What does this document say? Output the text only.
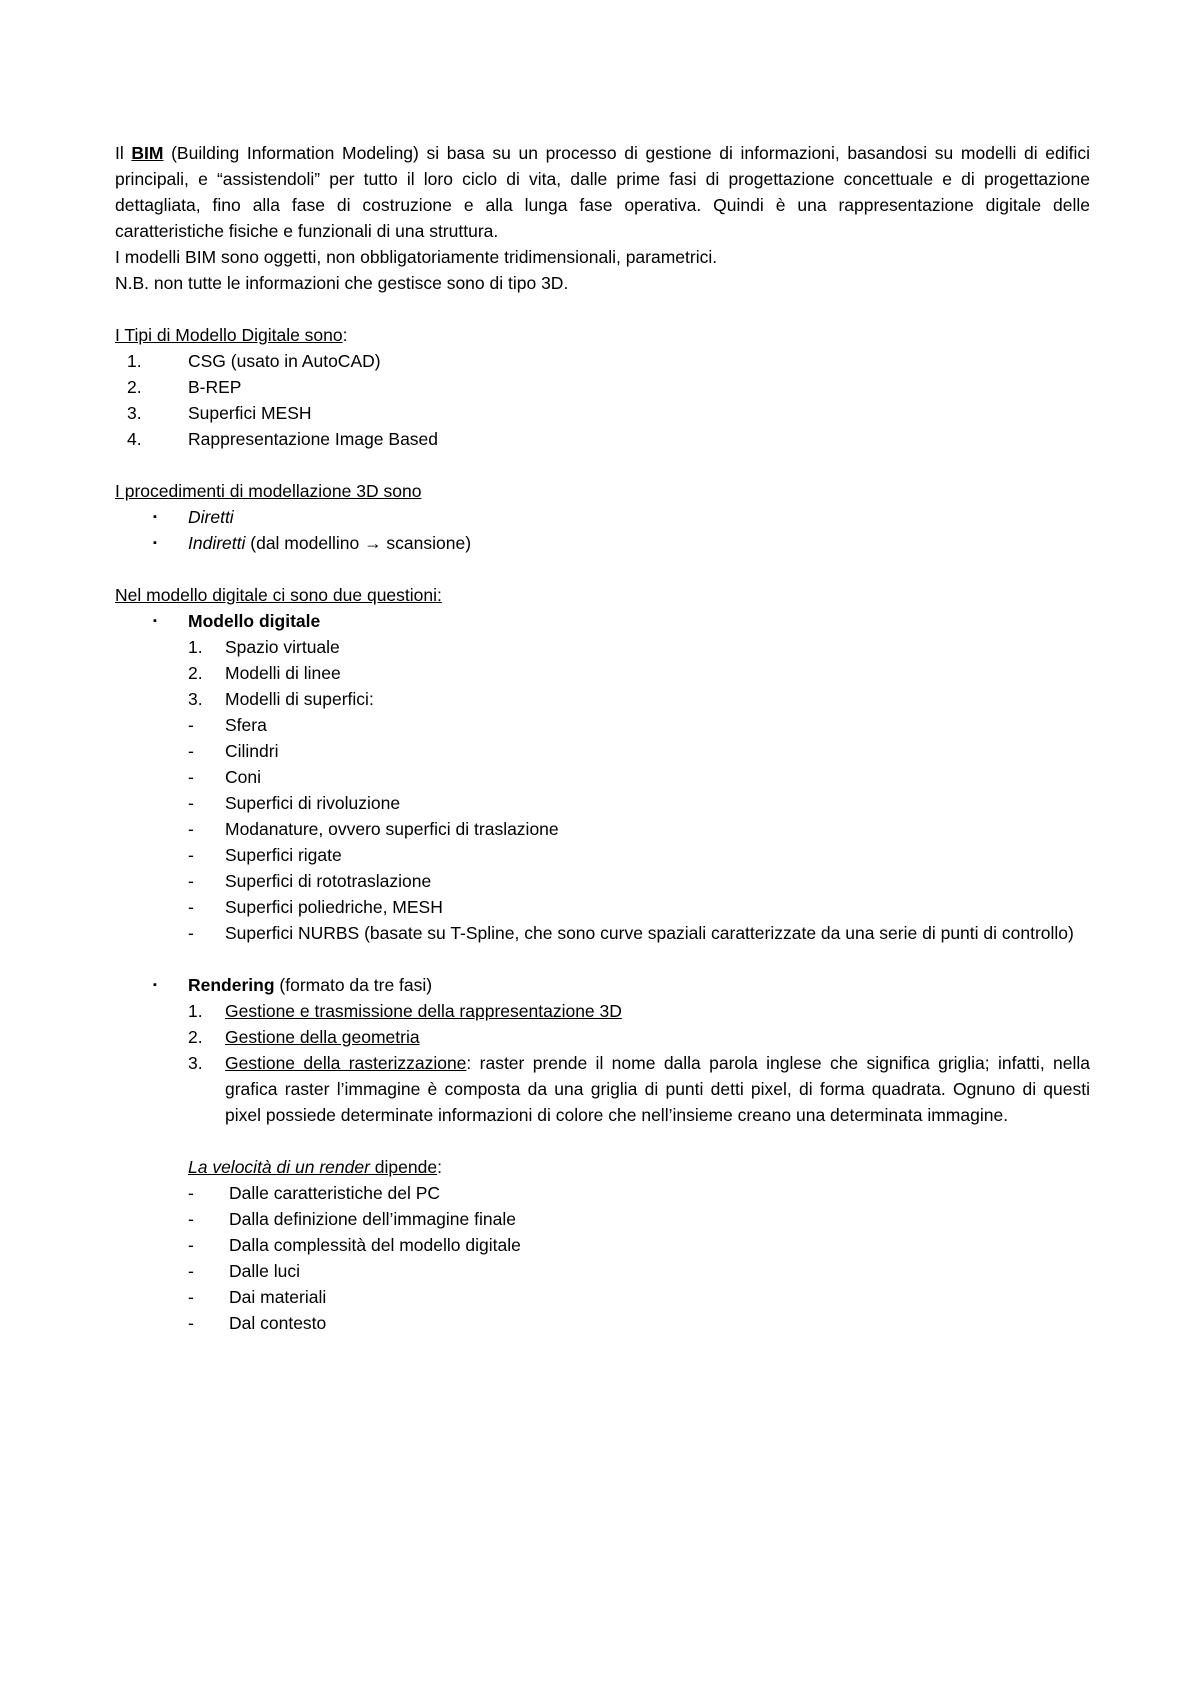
Il BIM (Building Information Modeling) si basa su un processo di gestione di informazioni, basandosi su modelli di edifici principali, e “assistendoli” per tutto il loro ciclo di vita, dalle prime fasi di progettazione concettuale e di progettazione dettagliata, fino alla fase di costruzione e alla lunga fase operativa. Quindi è una rappresentazione digitale delle caratteristiche fisiche e funzionali di una struttura.

I modelli BIM sono oggetti, non obbligatoriamente tridimensionali, parametrici.

N.B. non tutte le informazioni che gestisce sono di tipo 3D.

I Tipi di Modello Digitale sono:

1.	CSG (usato in AutoCAD)
2.	B-REP
3.	Superfici MESH
4.	Rappresentazione Image Based

I procedimenti di modellazione 3D sono

▪ Diretti
▪ Indiretti (dal modellino → scansione)

Nel modello digitale ci sono due questioni:

▪ Modello digitale
1. Spazio virtuale
2. Modelli di linee
3. Modelli di superfici:
- Sfera
- Cilindri
- Coni
- Superfici di rivoluzione
- Modanature, ovvero superfici di traslazione
- Superfici rigate
- Superfici di rototraslazione
- Superfici poliedriche, MESH
- Superfici NURBS (basate su T-Spline, che sono curve spaziali caratterizzate da una serie di punti di controllo)
▪ Rendering (formato da tre fasi)
1. Gestione e trasmissione della rappresentazione 3D
2. Gestione della geometria
3. Gestione della rasterizzazione: raster prende il nome dalla parola inglese che significa griglia; infatti, nella grafica raster l’immagine è composta da una griglia di punti detti pixel, di forma quadrata. Ognuno di questi pixel possiede determinate informazioni di colore che nell’insieme creano una determinata immagine.

La velocità di un render dipende:

- Dalle caratteristiche del PC
- Dalla definizione dell’immagine finale
- Dalla complessità del modello digitale
- Dalle luci
- Dai materiali
- Dal contesto
